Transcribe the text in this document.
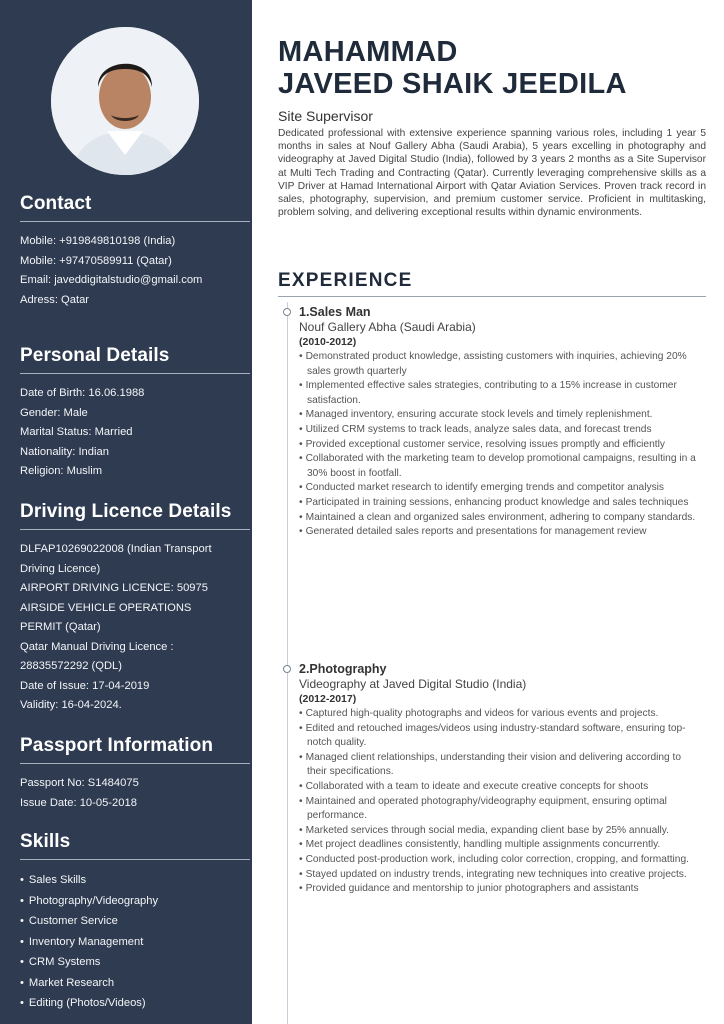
Contact
Mobile: +919849810198 (India)
Mobile: +97470589911 (Qatar)
Email: javeddigitalstudio@gmail.com
Adress: Qatar
Personal Details
Date of Birth: 16.06.1988
Gender: Male
Marital Status: Married
Nationality: Indian
Religion: Muslim
Driving Licence Details
DLFAP10269022008 (Indian Transport Driving Licence)
AIRPORT DRIVING LICENCE: 50975
AIRSIDE VEHICLE OPERATIONS PERMIT (Qatar)
Qatar Manual Driving Licence : 28835572292 (QDL)
Date of Issue: 17-04-2019
Validity: 16-04-2024.
Passport Information
Passport No: S1484075
Issue Date: 10-05-2018
Skills
• Sales Skills
• Photography/Videography
• Customer Service
• Inventory Management
• CRM Systems
• Market Research
• Editing (Photos/Videos)
MAHAMMAD
JAVEED SHAIK JEEDILA
Site Supervisor
Dedicated professional with extensive experience spanning various roles, including 1 year 5 months in sales at Nouf Gallery Abha (Saudi Arabia), 5 years excelling in photography and videography at Javed Digital Studio (India), followed by 3 years 2 months as a Site Supervisor at Multi Tech Trading and Contracting (Qatar). Currently leveraging comprehensive skills as a VIP Driver at Hamad International Airport with Qatar Aviation Services. Proven track record in sales, photography, supervision, and premium customer service. Proficient in multitasking, problem solving, and delivering exceptional results within dynamic environments.
EXPERIENCE
1.Sales Man
Nouf Gallery Abha (Saudi Arabia)
(2010-2012)
• Demonstrated product knowledge, assisting customers with inquiries, achieving 20% sales growth quarterly
• Implemented effective sales strategies, contributing to a 15% increase in customer satisfaction.
• Managed inventory, ensuring accurate stock levels and timely replenishment.
• Utilized CRM systems to track leads, analyze sales data, and forecast trends
• Provided exceptional customer service, resolving issues promptly and efficiently
• Collaborated with the marketing team to develop promotional campaigns, resulting in a 30% boost in footfall.
• Conducted market research to identify emerging trends and competitor analysis
• Participated in training sessions, enhancing product knowledge and sales techniques
• Maintained a clean and organized sales environment, adhering to company standards.
• Generated detailed sales reports and presentations for management review
2.Photography
Videography at Javed Digital Studio (India)
(2012-2017)
• Captured high-quality photographs and videos for various events and projects.
• Edited and retouched images/videos using industry-standard software, ensuring top-notch quality.
• Managed client relationships, understanding their vision and delivering according to their specifications.
• Collaborated with a team to ideate and execute creative concepts for shoots
• Maintained and operated photography/videography equipment, ensuring optimal performance.
• Marketed services through social media, expanding client base by 25% annually.
• Met project deadlines consistently, handling multiple assignments concurrently.
• Conducted post-production work, including color correction, cropping, and formatting.
• Stayed updated on industry trends, integrating new techniques into creative projects.
• Provided guidance and mentorship to junior photographers and assistants
